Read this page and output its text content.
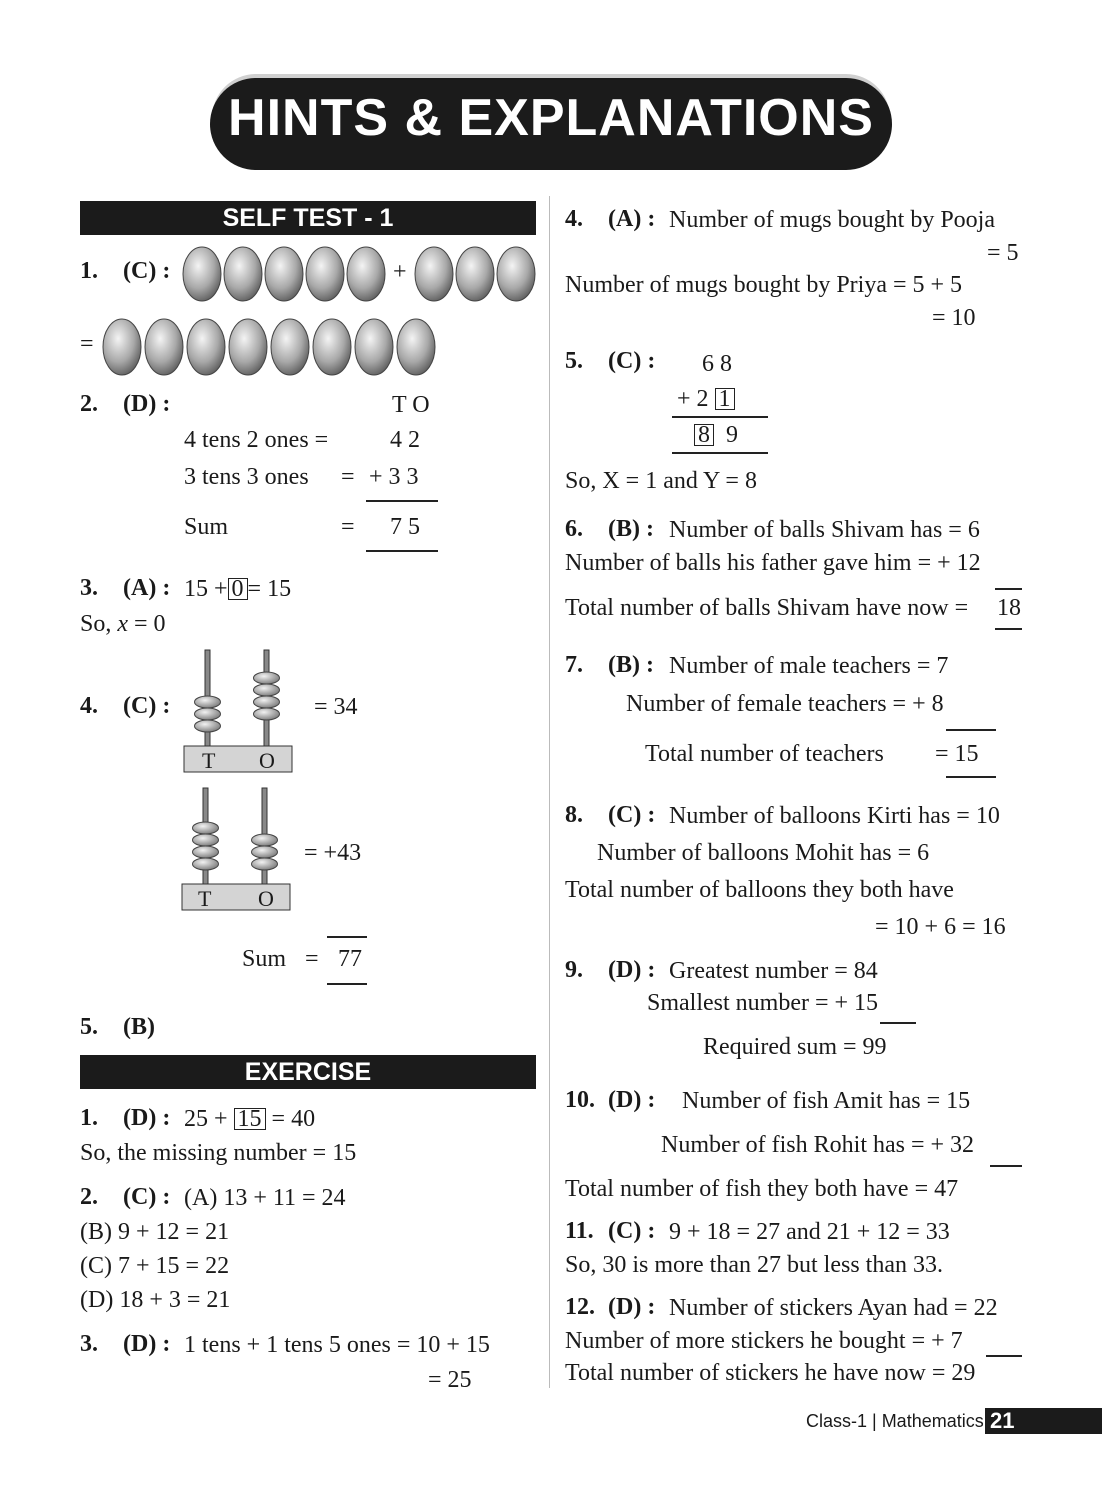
HINTS & EXPLANATIONS
SELF TEST - 1
EXERCISE
1. (C) :	+
=
2. (D) :	T O
4 tens 2 ones =	4 2
3 tens 3 ones = + 3 3
Sum	= 7 5
3. (A) : 15 + 0 = 15
So, x = 0
4. (C) :
T O
= 34
T O
= +43
Sum = 77
5. (B)
1. (D) : 25 + 15 = 40
So, the missing number = 15
2. (C) : (A) 13 + 11 = 24
(B) 9 + 12 = 21
(C) 7 + 15 = 22
(D) 18 + 3 = 21
3. (D) : 1 tens + 1 tens 5 ones = 10 + 15
= 25
4. (A) : Number of mugs bought by Pooja
= 5
Number of mugs bought by Priya = 5 + 5
= 10
5. (C) : 6 8
+ 2 1
8 9
So, X = 1 and Y = 8
6. (B) : Number of balls Shivam has = 6
Number of balls his father gave him = + 12
Total number of balls Shivam have now = 18
7. (B) : Number of male teachers = 7
Number of female teachers = + 8
Total number of teachers = 15
8. (C) : Number of balloons Kirti has = 10
Number of balloons Mohit has = 6
Total number of balloons they both have
= 10 + 6 = 16
9. (D) : Greatest number = 84
Smallest number = + 15
Required sum = 99
10. (D) : Number of fish Amit has = 15
Number of fish Rohit has = + 32
Total number of fish they both have = 47
11. (C) : 9 + 18 = 27 and 21 + 12 = 33
So, 30 is more than 27 but less than 33.
12. (D) : Number of stickers Ayan had = 22
Number of more stickers he bought = + 7
Total number of stickers he have now = 29
Class-1 | Mathematics 21
